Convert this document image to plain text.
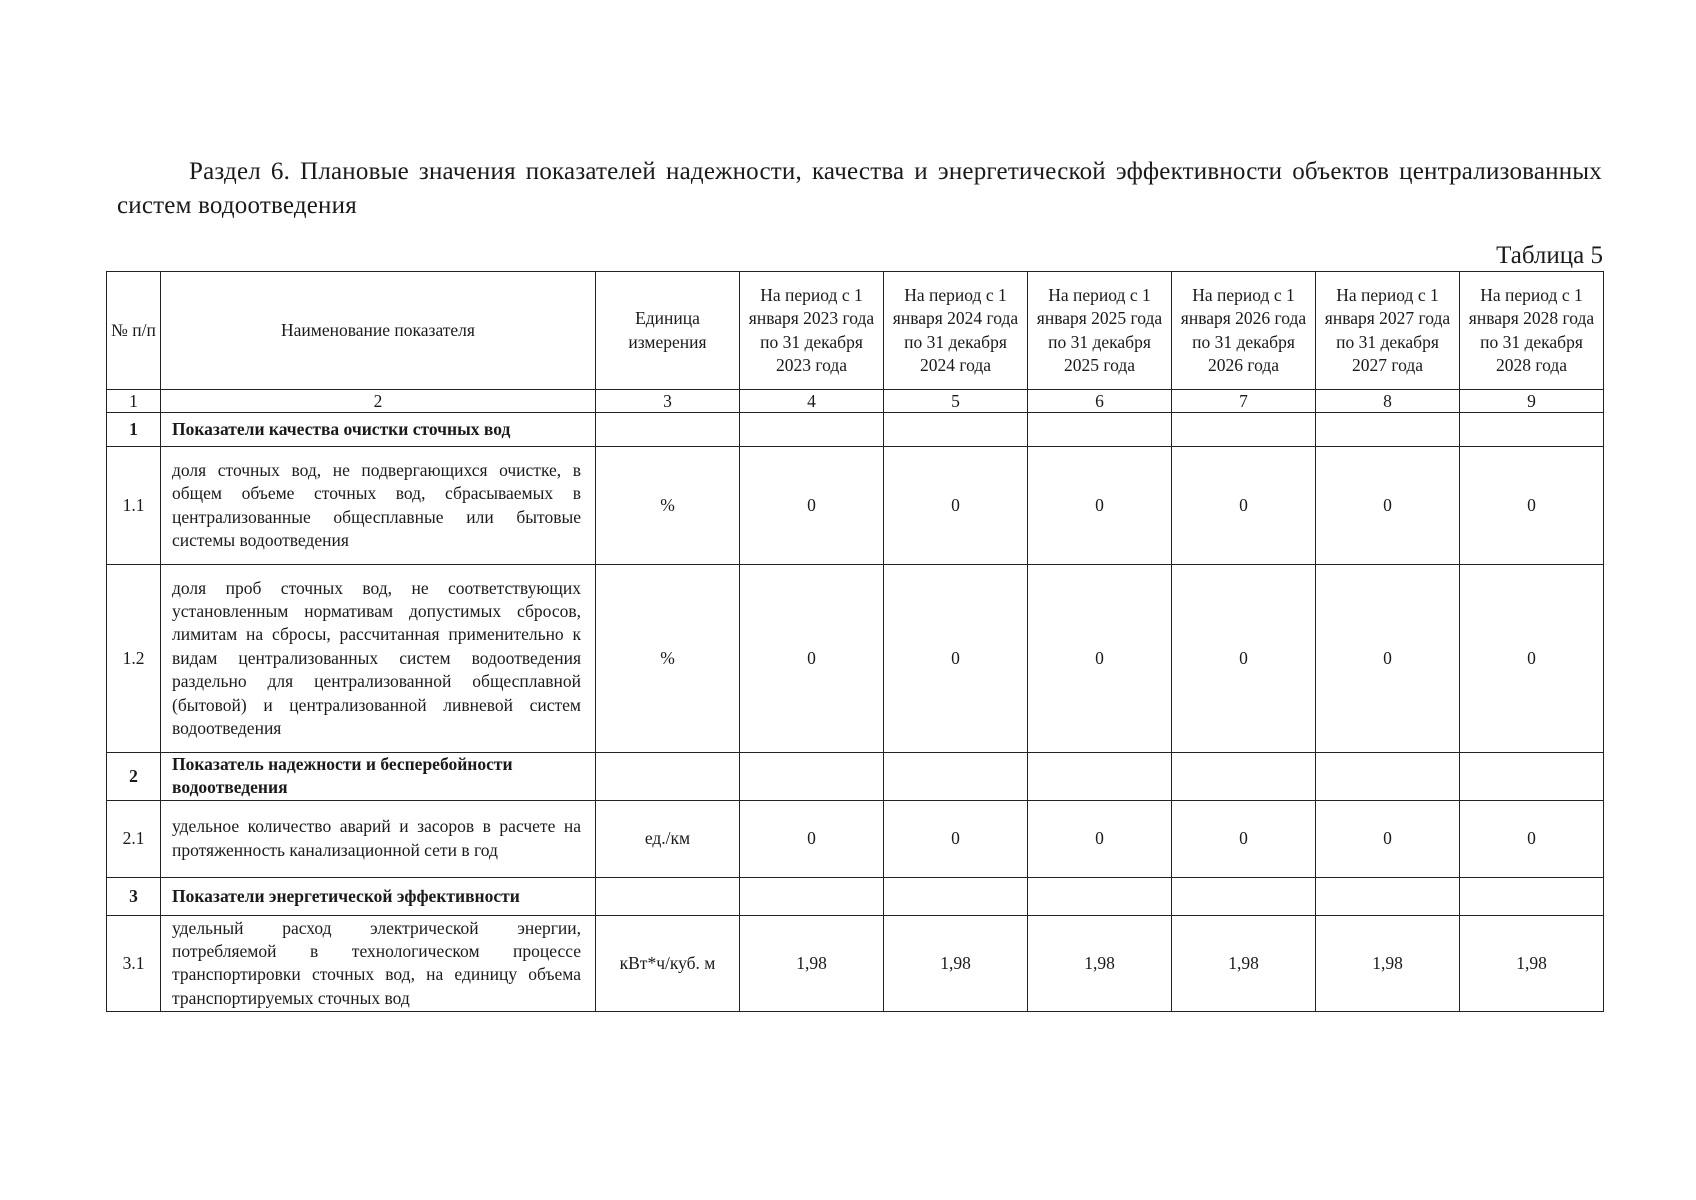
Раздел 6. Плановые значения показателей надежности, качества и энергетической эффективности объектов централизованных систем водоотведения
Таблица 5
№ п/п	Наименование показателя	Единица измерения	На период с 1 января 2023 года по 31 декабря 2023 года	На период с 1 января 2024 года по 31 декабря 2024 года	На период с 1 января 2025 года по 31 декабря 2025 года	На период с 1 января 2026 года по 31 декабря 2026 года	На период с 1 января 2027 года по 31 декабря 2027 года	На период с 1 января 2028 года по 31 декабря 2028 года
1	2	3	4	5	6	7	8	9
1	Показатели качества очистки сточных вод							
1.1	доля сточных вод, не подвергающихся очистке, в общем объеме сточных вод, сбрасываемых в централизованные общесплавные или бытовые системы водоотведения	%	0	0	0	0	0	0
1.2	доля проб сточных вод, не соответствующих установленным нормативам допустимых сбросов, лимитам на сбросы, рассчитанная применительно к видам централизованных систем водоотведения раздельно для централизованной общесплавной (бытовой) и централизованной ливневой систем водоотведения	%	0	0	0	0	0	0
2	Показатель надежности и бесперебойности водоотведения							
2.1	удельное количество аварий и засоров в расчете на протяженность канализационной сети в год	ед./км	0	0	0	0	0	0
3	Показатели энергетической эффективности							
3.1	удельный расход электрической энергии, потребляемой в технологическом процессе транспортировки сточных вод, на единицу объема транспортируемых сточных вод	кВт*ч/куб. м	1,98	1,98	1,98	1,98	1,98	1,98
